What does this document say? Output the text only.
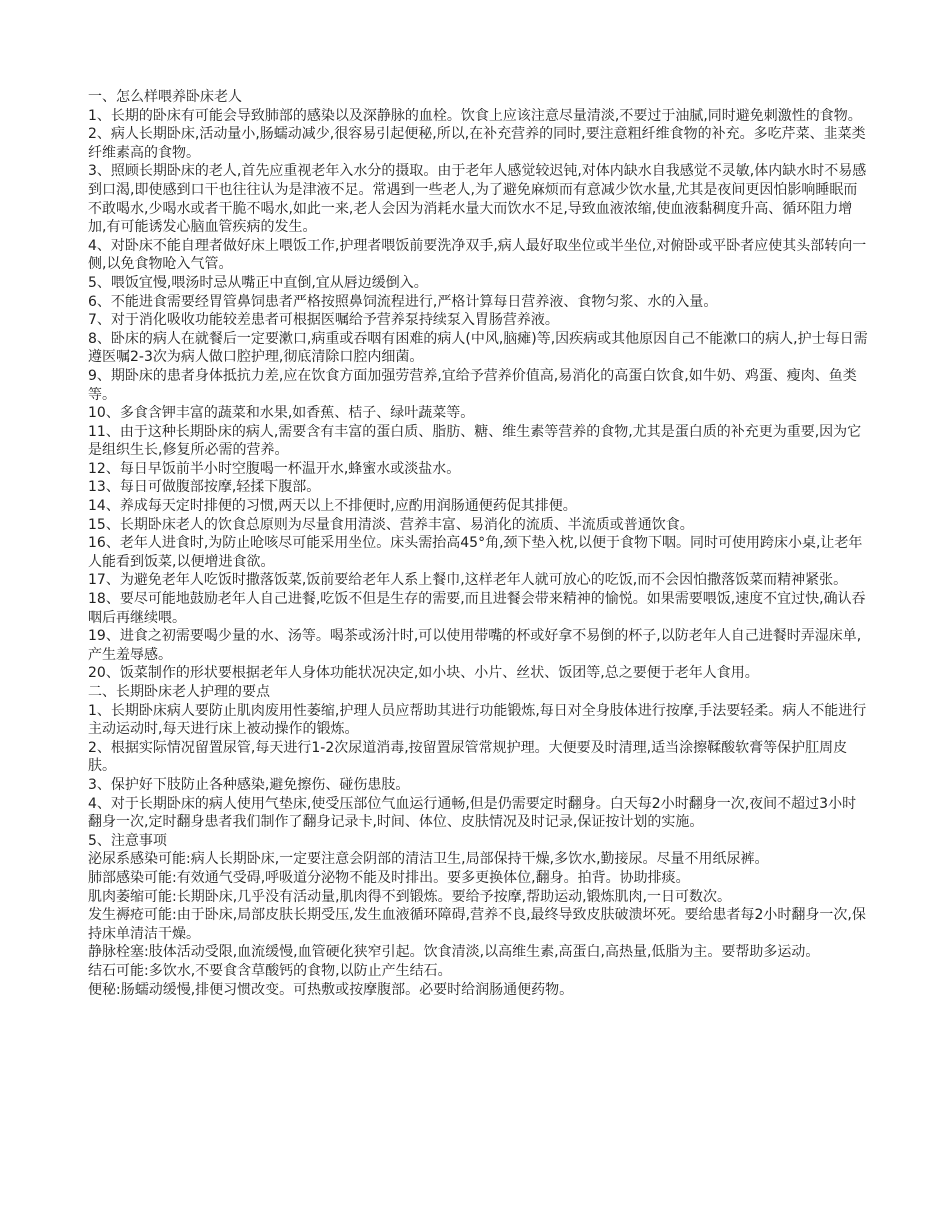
一、怎么样喂养卧床老人

1、长期的卧床有可能会导致肺部的感染以及深静脉的血栓。饮食上应该注意尽量清淡,不要过于油腻,同时避免刺激性的食物。

2、病人长期卧床,活动量小,肠蠕动减少,很容易引起便秘,所以,在补充营养的同时,要注意粗纤维食物的补充。多吃芹菜、韭菜类纤维素高的食物。

3、照顾长期卧床的老人,首先应重视老年入水分的摄取。由于老年人感觉较迟钝,对体内缺水自我感觉不灵敏,体内缺水时不易感到口渴,即使感到口干也往往认为是津液不足。常遇到一些老人,为了避免麻烦而有意减少饮水量,尤其是夜间更因怕影响睡眠而不敢喝水,少喝水或者干脆不喝水,如此一来,老人会因为消耗水量大而饮水不足,导致血液浓缩,使血液黏稠度升高、循环阻力增加,有可能诱发心脑血管疾病的发生。

4、对卧床不能自理者做好床上喂饭工作,护理者喂饭前要洗净双手,病人最好取坐位或半坐位,对俯卧或平卧者应使其头部转向一侧,以免食物呛入气管。

5、喂饭宜慢,喂汤时忌从嘴正中直倒,宜从唇边缓倒入。

6、不能进食需要经胃管鼻饲患者严格按照鼻饲流程进行,严格计算每日营养液、食物匀浆、水的入量。

7、对于消化吸收功能较差患者可根据医嘱给予营养泵持续泵入胃肠营养液。

8、卧床的病人在就餐后一定要漱口,病重或吞咽有困难的病人(中风,脑瘫)等,因疾病或其他原因自己不能漱口的病人,护士每日需遵医嘱2-3次为病人做口腔护理,彻底清除口腔内细菌。

9、期卧床的患者身体抵抗力差,应在饮食方面加强劳营养,宜给予营养价值高,易消化的高蛋白饮食,如牛奶、鸡蛋、瘦肉、鱼类等。

10、多食含钾丰富的蔬菜和水果,如香蕉、桔子、绿叶蔬菜等。

11、由于这种长期卧床的病人,需要含有丰富的蛋白质、脂肪、糖、维生素等营养的食物,尤其是蛋白质的补充更为重要,因为它是组织生长,修复所必需的营养。

12、每日早饭前半小时空腹喝一杯温开水,蜂蜜水或淡盐水。

13、每日可做腹部按摩,轻揉下腹部。

14、养成每天定时排便的习惯,两天以上不排便时,应酌用润肠通便药促其排便。

15、长期卧床老人的饮食总原则为尽量食用清淡、营养丰富、易消化的流质、半流质或普通饮食。

16、老年人进食时,为防止呛咳尽可能采用坐位。床头需抬高45°角,颈下垫入枕,以便于食物下咽。同时可使用跨床小桌,让老年人能看到饭菜,以便增进食欲。

17、为避免老年人吃饭时撒落饭菜,饭前要给老年人系上餐巾,这样老年人就可放心的吃饭,而不会因怕撒落饭菜而精神紧张。

18、要尽可能地鼓励老年人自己进餐,吃饭不但是生存的需要,而且进餐会带来精神的愉悦。如果需要喂饭,速度不宜过快,确认吞咽后再继续喂。

19、进食之初需要喝少量的水、汤等。喝茶或汤汁时,可以使用带嘴的杯或好拿不易倒的杯子,以防老年人自己进餐时弄湿床单,产生羞辱感。

20、饭菜制作的形状要根据老年人身体功能状况决定,如小块、小片、丝状、饭团等,总之要便于老年人食用。

二、长期卧床老人护理的要点

1、长期卧床病人要防止肌肉废用性萎缩,护理人员应帮助其进行功能锻炼,每日对全身肢体进行按摩,手法要轻柔。病人不能进行主动运动时,每天进行床上被动操作的锻炼。

2、根据实际情况留置尿管,每天进行1-2次尿道消毒,按留置尿管常规护理。大便要及时清理,适当涂擦鞣酸软膏等保护肛周皮肤。

3、保护好下肢防止各种感染,避免擦伤、碰伤患肢。

4、对于长期卧床的病人使用气垫床,使受压部位气血运行通畅,但是仍需要定时翻身。白天每2小时翻身一次,夜间不超过3小时翻身一次,定时翻身患者我们制作了翻身记录卡,时间、体位、皮肤情况及时记录,保证按计划的实施。

5、注意事项

泌尿系感染可能:病人长期卧床,一定要注意会阴部的清洁卫生,局部保持干燥,多饮水,勤接尿。尽量不用纸尿裤。

肺部感染可能:有效通气受碍,呼吸道分泌物不能及时排出。要多更换体位,翻身。拍背。协助排痰。

肌肉萎缩可能:长期卧床,几乎没有活动量,肌肉得不到锻炼。要给予按摩,帮助运动,锻炼肌肉,一日可数次。

发生褥疮可能:由于卧床,局部皮肤长期受压,发生血液循环障碍,营养不良,最终导致皮肤破溃坏死。要给患者每2小时翻身一次,保持床单清洁干燥。

静脉栓塞:肢体活动受限,血流缓慢,血管硬化狭窄引起。饮食清淡,以高维生素,高蛋白,高热量,低脂为主。要帮助多运动。

结石可能:多饮水,不要食含草酸钙的食物,以防止产生结石。

便秘:肠蠕动缓慢,排便习惯改变。可热敷或按摩腹部。必要时给润肠通便药物。
